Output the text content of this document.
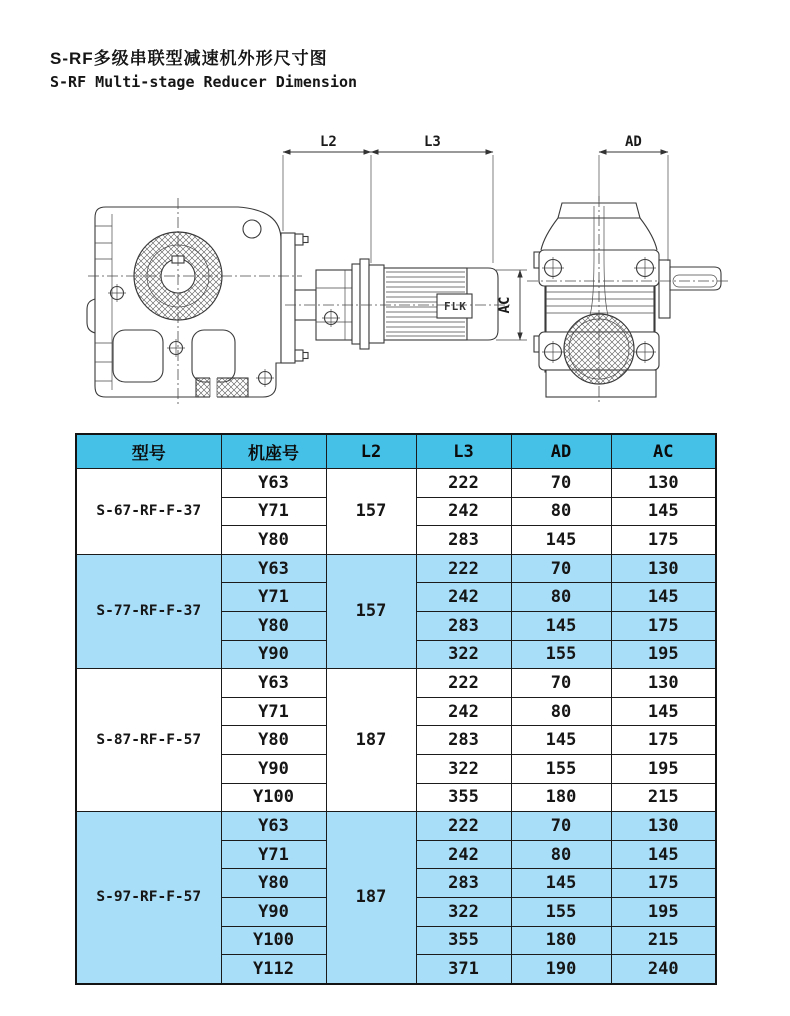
S-RF多级串联型减速机外形尺寸图
S-RF Multi-stage Reducer Dimension
FLK
L2	L3	AD
AC
型号	机座号	L2	L3	AD	AC
S-67-RF-F-37	Y63	157	222	70	130
	Y71		242	80	145
	Y80		283	145	175
S-77-RF-F-37	Y63	157	222	70	130
	Y71		242	80	145
	Y80		283	145	175
	Y90		322	155	195
S-87-RF-F-57	Y63	187	222	70	130
	Y71		242	80	145
	Y80		283	145	175
	Y90		322	155	195
	Y100		355	180	215
S-97-RF-F-57	Y63	187	222	70	130
	Y71		242	80	145
	Y80		283	145	175
	Y90		322	155	195
	Y100		355	180	215
	Y112		371	190	240
